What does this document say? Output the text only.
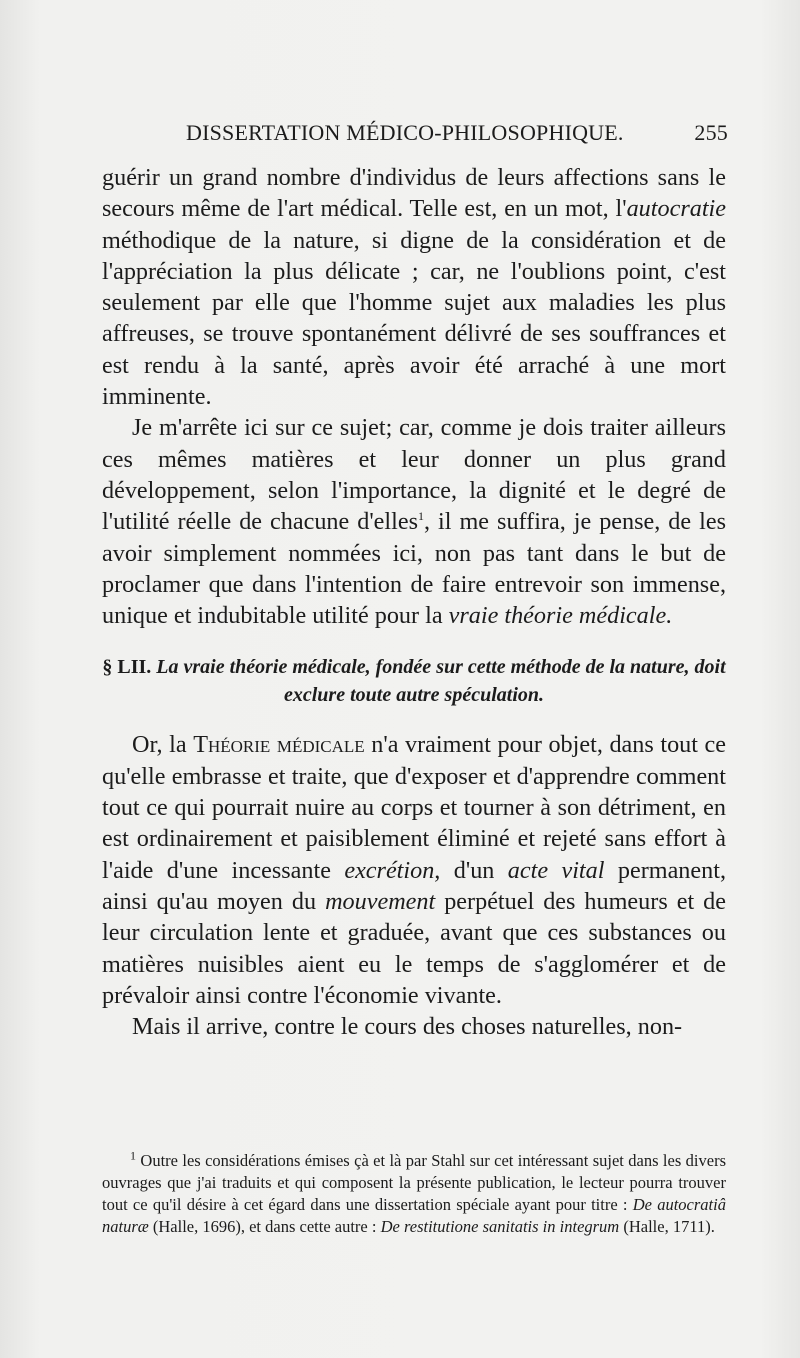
DISSERTATION MÉDICO-PHILOSOPHIQUE.	255

guérir un grand nombre d'individus de leurs affections sans le secours même de l'art médical. Telle est, en un mot, l'autocratie méthodique de la nature, si digne de la considération et de l'appréciation la plus délicate ; car, ne l'oublions point, c'est seulement par elle que l'homme sujet aux maladies les plus affreuses, se trouve spontanément délivré de ses souffrances et est rendu à la santé, après avoir été arraché à une mort imminente.

Je m'arrête ici sur ce sujet; car, comme je dois traiter ailleurs ces mêmes matières et leur donner un plus grand développement, selon l'importance, la dignité et le degré de l'utilité réelle de chacune d'elles$^1$, il me suffira, je pense, de les avoir simplement nommées ici, non pas tant dans le but de proclamer que dans l'intention de faire entrevoir son immense, unique et indubitable utilité pour la vraie théorie médicale.

§ LII. La vraie théorie médicale, fondée sur cette méthode de la nature, doit exclure toute autre spéculation.

Or, la Théorie médicale n'a vraiment pour objet, dans tout ce qu'elle embrasse et traite, que d'exposer et d'apprendre comment tout ce qui pourrait nuire au corps et tourner à son détriment, en est ordinairement et paisiblement éliminé et rejeté sans effort à l'aide d'une incessante excrétion, d'un acte vital permanent, ainsi qu'au moyen du mouvement perpétuel des humeurs et de leur circulation lente et graduée, avant que ces substances ou matières nuisibles aient eu le temps de s'agglomérer et de prévaloir ainsi contre l'économie vivante.

Mais il arrive, contre le cours des choses naturelles, non-

$^1$ Outre les considérations émises çà et là par Stahl sur cet intéressant sujet dans les divers ouvrages que j'ai traduits et qui composent la présente publication, le lecteur pourra trouver tout ce qu'il désire à cet égard dans une dissertation spéciale ayant pour titre : De autocratiâ naturæ (Halle, 1696), et dans cette autre : De restitutione sanitatis in integrum (Halle, 1711).
